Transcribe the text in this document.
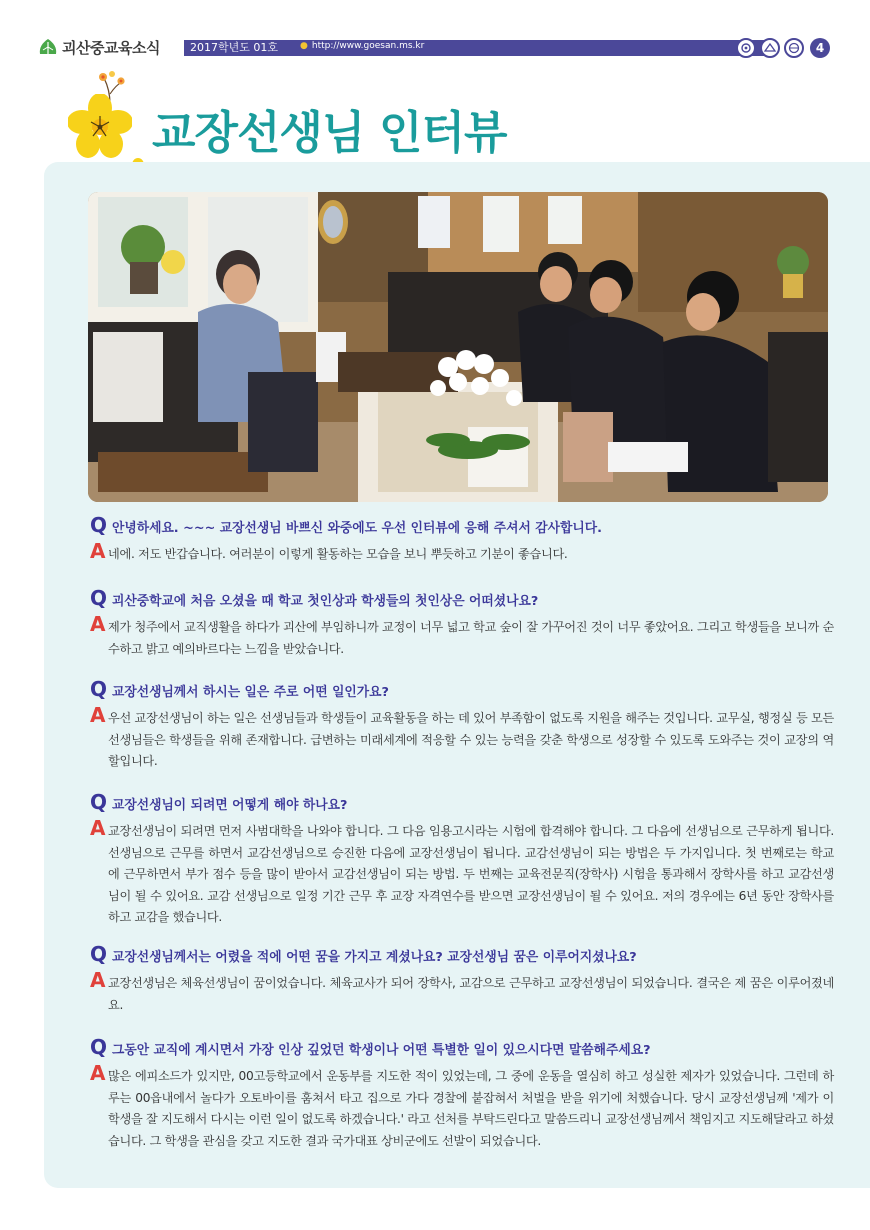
괴산중교육소식	2017학년도 01호	● http://www.goesan.ms.kr	4
교장선생님 인터뷰
Q 안녕하세요. ~~~ 교장선생님 바쁘신 와중에도 우선 인터뷰에 응해 주셔서 감사합니다.
A 네에. 저도 반갑습니다. 여러분이 이렇게 활동하는 모습을 보니 뿌듯하고 기분이 좋습니다.
Q 괴산중학교에 처음 오셨을 때 학교 첫인상과 학생들의 첫인상은 어떠셨나요?
A 제가 청주에서 교직생활을 하다가 괴산에 부임하니까 교정이 너무 넓고 학교 숲이 잘 가꾸어진 것이 너무 좋았어요. 그리고 학생들을 보니까 순수하고 밝고 예의바르다는 느낌을 받았습니다.
Q 교장선생님께서 하시는 일은 주로 어떤 일인가요?
A 우선 교장선생님이 하는 일은 선생님들과 학생들이 교육활동을 하는 데 있어 부족함이 없도록 지원을 해주는 것입니다. 교무실, 행정실 등 모든 선생님들은 학생들을 위해 존재합니다. 급변하는 미래세계에 적응할 수 있는 능력을 갖춘 학생으로 성장할 수 있도록 도와주는 것이 교장의 역할입니다.
Q 교장선생님이 되려면 어떻게 해야 하나요?
A 교장선생님이 되려면 먼저 사범대학을 나와야 합니다. 그 다음 임용고시라는 시험에 합격해야 합니다. 그 다음에 선생님으로 근무하게 됩니다. 선생님으로 근무를 하면서 교감선생님으로 승진한 다음에 교장선생님이 됩니다. 교감선생님이 되는 방법은 두 가지입니다. 첫 번째로는 학교에 근무하면서 부가 점수 등을 많이 받아서 교감선생님이 되는 방법. 두 번째는 교육전문직(장학사) 시험을 통과해서 장학사를 하고 교감선생님이 될 수 있어요. 교감 선생님으로 일정 기간 근무 후 교장 자격연수를 받으면 교장선생님이 될 수 있어요. 저의 경우에는 6년 동안 장학사를 하고 교감을 했습니다.
Q 교장선생님께서는 어렸을 적에 어떤 꿈을 가지고 계셨나요? 교장선생님 꿈은 이루어지셨나요?
A 교장선생님은 체육선생님이 꿈이었습니다. 체육교사가 되어 장학사, 교감으로 근무하고 교장선생님이 되었습니다. 결국은 제 꿈은 이루어졌네요.
Q 그동안 교직에 계시면서 가장 인상 깊었던 학생이나 어떤 특별한 일이 있으시다면 말씀해주세요?
A 많은 에피소드가 있지만, 00고등학교에서 운동부를 지도한 적이 있었는데, 그 중에 운동을 열심히 하고 성실한 제자가 있었습니다. 그런데 하루는 00읍내에서 놀다가 오토바이를 훔쳐서 타고 집으로 가다 경찰에 붙잡혀서 처벌을 받을 위기에 처했습니다. 당시 교장선생님께 '제가 이 학생을 잘 지도해서 다시는 이런 일이 없도록 하겠습니다.' 라고 선처를 부탁드린다고 말씀드리니 교장선생님께서 책임지고 지도해달라고 하셨습니다. 그 학생을 관심을 갖고 지도한 결과 국가대표 상비군에도 선발이 되었습니다.
